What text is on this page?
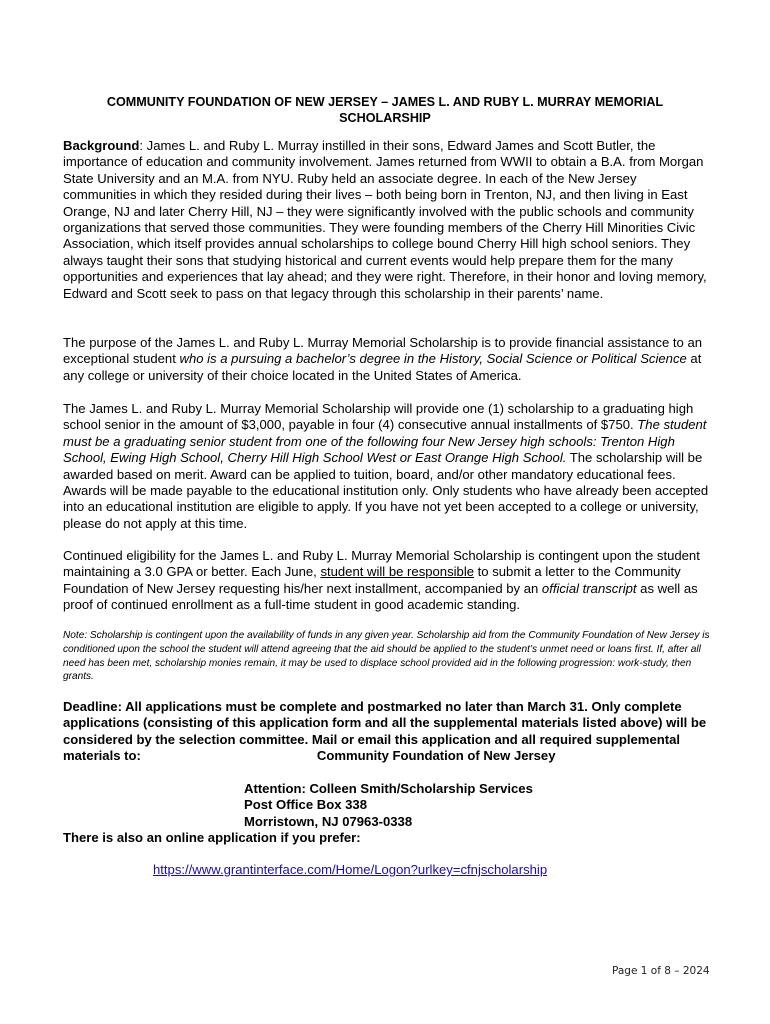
COMMUNITY FOUNDATION OF NEW JERSEY – JAMES L. AND RUBY L. MURRAY MEMORIAL SCHOLARSHIP

Background: James L. and Ruby L. Murray instilled in their sons, Edward James and Scott Butler, the importance of education and community involvement. James returned from WWII to obtain a B.A. from Morgan State University and an M.A. from NYU. Ruby held an associate degree. In each of the New Jersey communities in which they resided during their lives – both being born in Trenton, NJ, and then living in East Orange, NJ and later Cherry Hill, NJ – they were significantly involved with the public schools and community organizations that served those communities. They were founding members of the Cherry Hill Minorities Civic Association, which itself provides annual scholarships to college bound Cherry Hill high school seniors. They always taught their sons that studying historical and current events would help prepare them for the many opportunities and experiences that lay ahead; and they were right. Therefore, in their honor and loving memory, Edward and Scott seek to pass on that legacy through this scholarship in their parents’ name.

The purpose of the James L. and Ruby L. Murray Memorial Scholarship is to provide financial assistance to an exceptional student who is a pursuing a bachelor’s degree in the History, Social Science or Political Science at any college or university of their choice located in the United States of America.

The James L. and Ruby L. Murray Memorial Scholarship will provide one (1) scholarship to a graduating high school senior in the amount of $3,000, payable in four (4) consecutive annual installments of $750. The student must be a graduating senior student from one of the following four New Jersey high schools: Trenton High School, Ewing High School, Cherry Hill High School West or East Orange High School. The scholarship will be awarded based on merit. Award can be applied to tuition, board, and/or other mandatory educational fees. Awards will be made payable to the educational institution only. Only students who have already been accepted into an educational institution are eligible to apply. If you have not yet been accepted to a college or university, please do not apply at this time.

Continued eligibility for the James L. and Ruby L. Murray Memorial Scholarship is contingent upon the student maintaining a 3.0 GPA or better. Each June, student will be responsible to submit a letter to the Community Foundation of New Jersey requesting his/her next installment, accompanied by an official transcript as well as proof of continued enrollment as a full-time student in good academic standing.

Note: Scholarship is contingent upon the availability of funds in any given year. Scholarship aid from the Community Foundation of New Jersey is conditioned upon the school the student will attend agreeing that the aid should be applied to the student’s unmet need or loans first. If, after all need has been met, scholarship monies remain, it may be used to displace school provided aid in the following progression: work-study, then grants.
Deadline: All applications must be complete and postmarked no later than March 31. Only complete applications (consisting of this application form and all the supplemental materials listed above) will be considered by the selection committee. Mail or email this application and all required supplemental materials to:	Community Foundation of New Jersey
Attention: Colleen Smith/Scholarship Services
Post Office Box 338
Morristown, NJ 07963-0338
There is also an online application if you prefer:
https://www.grantinterface.com/Home/Logon?urlkey=cfnjscholarship
Page 1 of 8 – 2024
